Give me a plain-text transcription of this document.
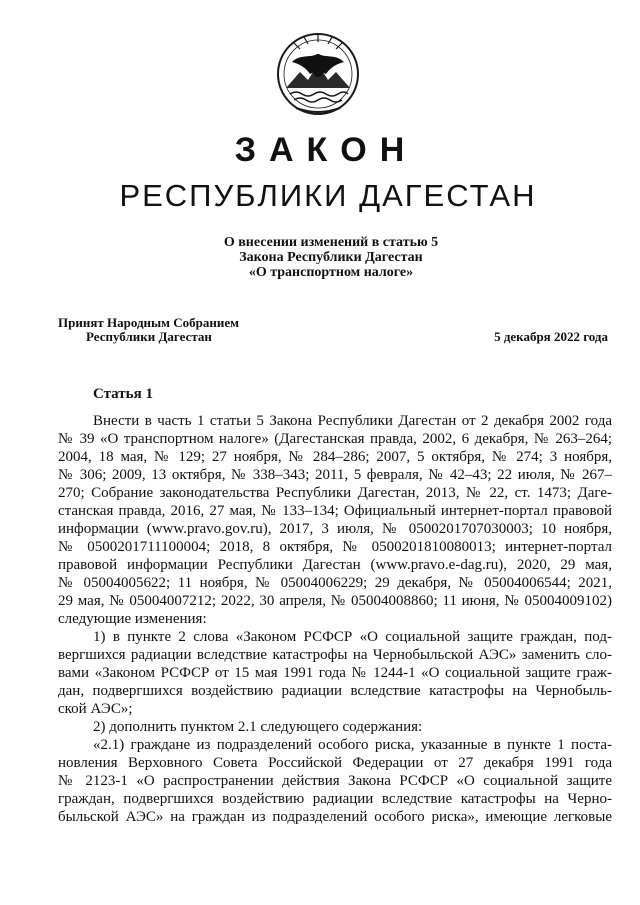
ЗАКОН
РЕСПУБЛИКИ ДАГЕСТАН
О внесении изменений в статью 5
Закона Республики Дагестан
«О транспортном налоге»
Принят Народным Собранием
Республики Дагестан	5 декабря 2022 года
Статья 1
Внести в часть 1 статьи 5 Закона Республики Дагестан от 2 декабря 2002 года
№ 39 «О транспортном налоге» (Дагестанская правда, 2002, 6 декабря, № 263–264;
2004, 18 мая, № 129; 27 ноября, № 284–286; 2007, 5 октября, № 274; 3 ноября,
№ 306; 2009, 13 октября, № 338–343; 2011, 5 февраля, № 42–43; 22 июля, № 267–
270; Собрание законодательства Республики Дагестан, 2013, № 22, ст. 1473; Даге-
станская правда, 2016, 27 мая, № 133–134; Официальный интернет-портал правовой
информации (www.pravo.gov.ru), 2017, 3 июля, № 0500201707030003; 10 ноября,
№ 0500201711100004; 2018, 8 октября, № 0500201810080013; интернет-портал
правовой информации Республики Дагестан (www.pravo.e-dag.ru), 2020, 29 мая,
№ 05004005622; 11 ноября, № 05004006229; 29 декабря, № 05004006544; 2021,
29 мая, № 05004007212; 2022, 30 апреля, № 05004008860; 11 июня, № 05004009102)
следующие изменения:
1) в пункте 2 слова «Законом РСФСР «О социальной защите граждан, под-
вергшихся радиации вследствие катастрофы на Чернобыльской АЭС» заменить сло-
вами «Законом РСФСР от 15 мая 1991 года № 1244-1 «О социальной защите граж-
дан, подвергшихся воздействию радиации вследствие катастрофы на Чернобыль-
ской АЭС»;
2) дополнить пунктом 2.1 следующего содержания:
«2.1) граждане из подразделений особого риска, указанные в пункте 1 поста-
новления Верховного Совета Российской Федерации от 27 декабря 1991 года
№ 2123-1 «О распространении действия Закона РСФСР «О социальной защите
граждан, подвергшихся воздействию радиации вследствие катастрофы на Черно-
быльской АЭС» на граждан из подразделений особого риска», имеющие легковые
